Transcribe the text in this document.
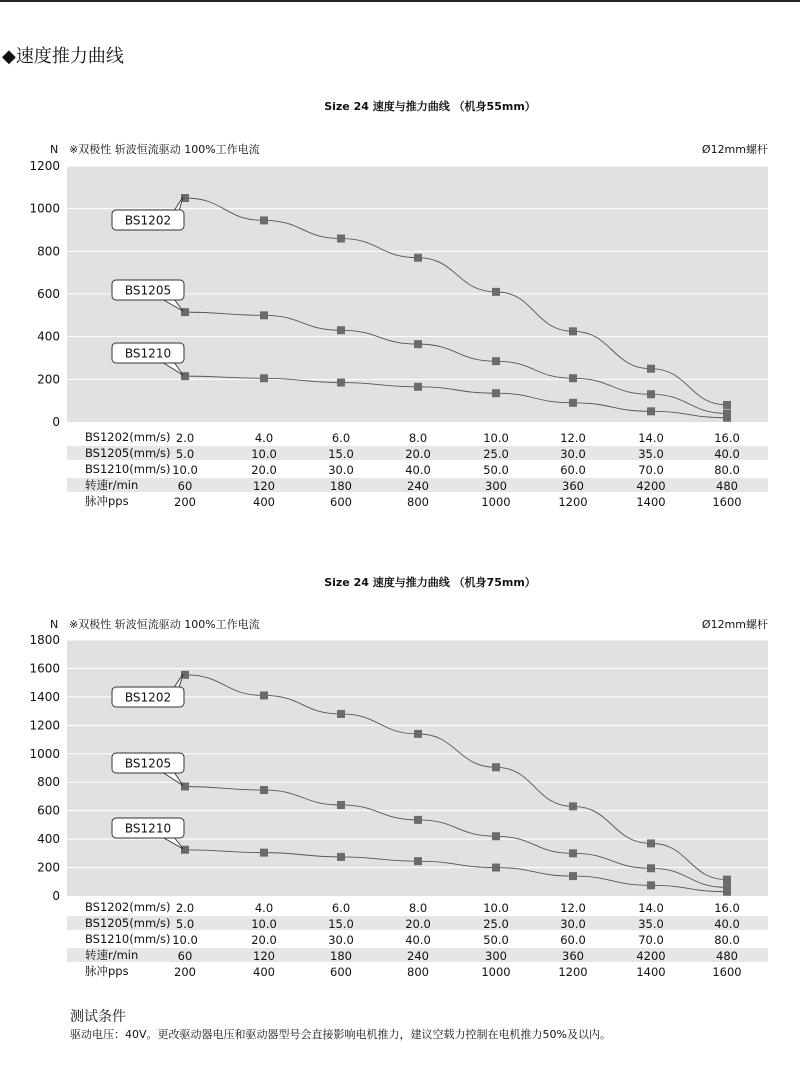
◆速度推力曲线
Size 24 速度与推力曲线 （机身55mm）
N ※双极性 斩波恒流驱动 100%工作电流	Ø12mm螺杆
1200
1000
800
600
400
200
0
BS1202
BS1205
BS1210
BS1202(mm/s) 2.0	4.0	6.0	8.0	10.0	12.0	14.0	16.0
BS1205(mm/s) 5.0	10.0	15.0	20.0	25.0	30.0	35.0	40.0
BS1210(mm/s) 10.0	20.0	30.0	40.0	50.0	60.0	70.0	80.0
转速r/min	60	120	180	240	300	360	4200	480
脉冲pps	200	400	600	800	1000	1200	1400	1600
Size 24 速度与推力曲线 （机身75mm）
N ※双极性 斩波恒流驱动 100%工作电流	Ø12mm螺杆
1800
1600
1400
1200
1000
800
600
400
200
0
BS1202
BS1205
BS1210
BS1202(mm/s) 2.0	4.0	6.0	8.0	10.0	12.0	14.0	16.0
BS1205(mm/s) 5.0	10.0	15.0	20.0	25.0	30.0	35.0	40.0
BS1210(mm/s) 10.0	20.0	30.0	40.0	50.0	60.0	70.0	80.0
转速r/min	60	120	180	240	300	360	4200	480
脉冲pps	200	400	600	800	1000	1200	1400	1600
测试条件
驱动电压：40V。更改驱动器电压和驱动器型号会直接影响电机推力，建议空载力控制在电机推力50%及以内。
